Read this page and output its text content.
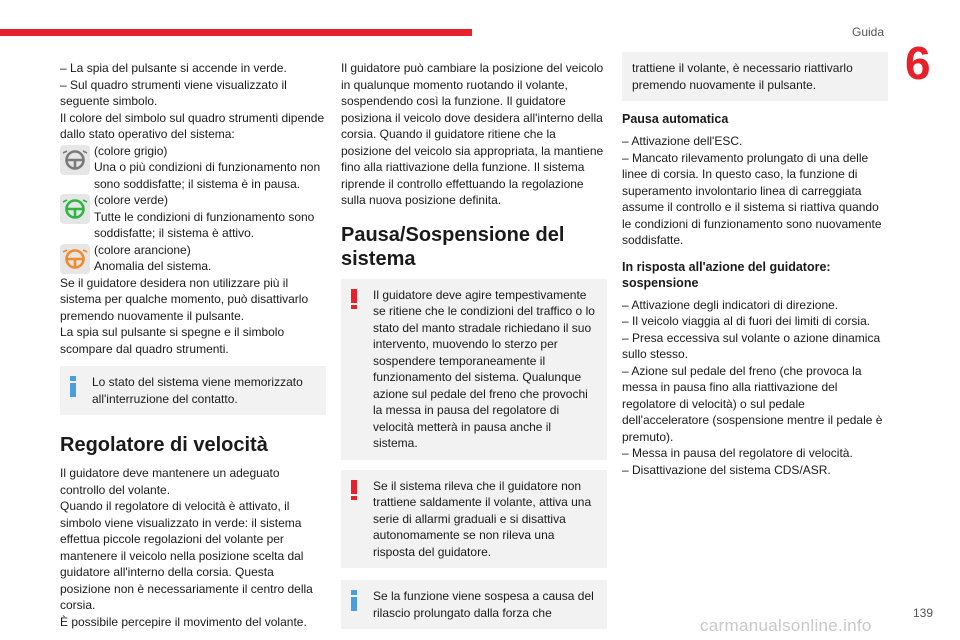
Guida
6

– La spia del pulsante si accende in verde.
– Sul quadro strumenti viene visualizzato il seguente simbolo.
Il colore del simbolo sul quadro strumenti dipende dallo stato operativo del sistema:

(colore grigio)
Una o più condizioni di funzionamento non sono soddisfatte; il sistema è in pausa.

(colore verde)
Tutte le condizioni di funzionamento sono soddisfatte; il sistema è attivo.

(colore arancione)
Anomalia del sistema.

Se il guidatore desidera non utilizzare più il sistema per qualche momento, può disattivarlo premendo nuovamente il pulsante.
La spia sul pulsante si spegne e il simbolo scompare dal quadro strumenti.

Lo stato del sistema viene memorizzato all'interruzione del contatto.

Regolatore di velocità

Il guidatore deve mantenere un adeguato controllo del volante.
Quando il regolatore di velocità è attivato, il simbolo viene visualizzato in verde: il sistema effettua piccole regolazioni del volante per mantenere il veicolo nella posizione scelta dal guidatore all'interno della corsia. Questa posizione non è necessariamente il centro della corsia.
È possibile percepire il movimento del volante.

Il guidatore può cambiare la posizione del veicolo in qualunque momento ruotando il volante, sospendendo così la funzione. Il guidatore posiziona il veicolo dove desidera all'interno della corsia. Quando il guidatore ritiene che la posizione del veicolo sia appropriata, la mantiene fino alla riattivazione della funzione. Il sistema riprende il controllo effettuando la regolazione sulla nuova posizione definita.

Pausa/Sospensione del sistema

Il guidatore deve agire tempestivamente se ritiene che le condizioni del traffico o lo stato del manto stradale richiedano il suo intervento, muovendo lo sterzo per sospendere temporaneamente il funzionamento del sistema. Qualunque azione sul pedale del freno che provochi la messa in pausa del regolatore di velocità metterà in pausa anche il sistema.

Se il sistema rileva che il guidatore non trattiene saldamente il volante, attiva una serie di allarmi graduali e si disattiva autonomamente se non rileva una risposta del guidatore.

Se la funzione viene sospesa a causa del rilascio prolungato dalla forza che

trattiene il volante, è necessario riattivarlo premendo nuovamente il pulsante.

Pausa automatica

– Attivazione dell'ESC.
– Mancato rilevamento prolungato di una delle linee di corsia. In questo caso, la funzione di superamento involontario linea di carreggiata assume il controllo e il sistema si riattiva quando le condizioni di funzionamento sono nuovamente soddisfatte.

In risposta all'azione del guidatore: sospensione

– Attivazione degli indicatori di direzione.
– Il veicolo viaggia al di fuori dei limiti di corsia.
– Presa eccessiva sul volante o azione dinamica sullo stesso.
– Azione sul pedale del freno (che provoca la messa in pausa fino alla riattivazione del regolatore di velocità) o sul pedale dell'acceleratore (sospensione mentre il pedale è premuto).
– Messa in pausa del regolatore di velocità.
– Disattivazione del sistema CDS/ASR.

139
carmanualsonline.info
